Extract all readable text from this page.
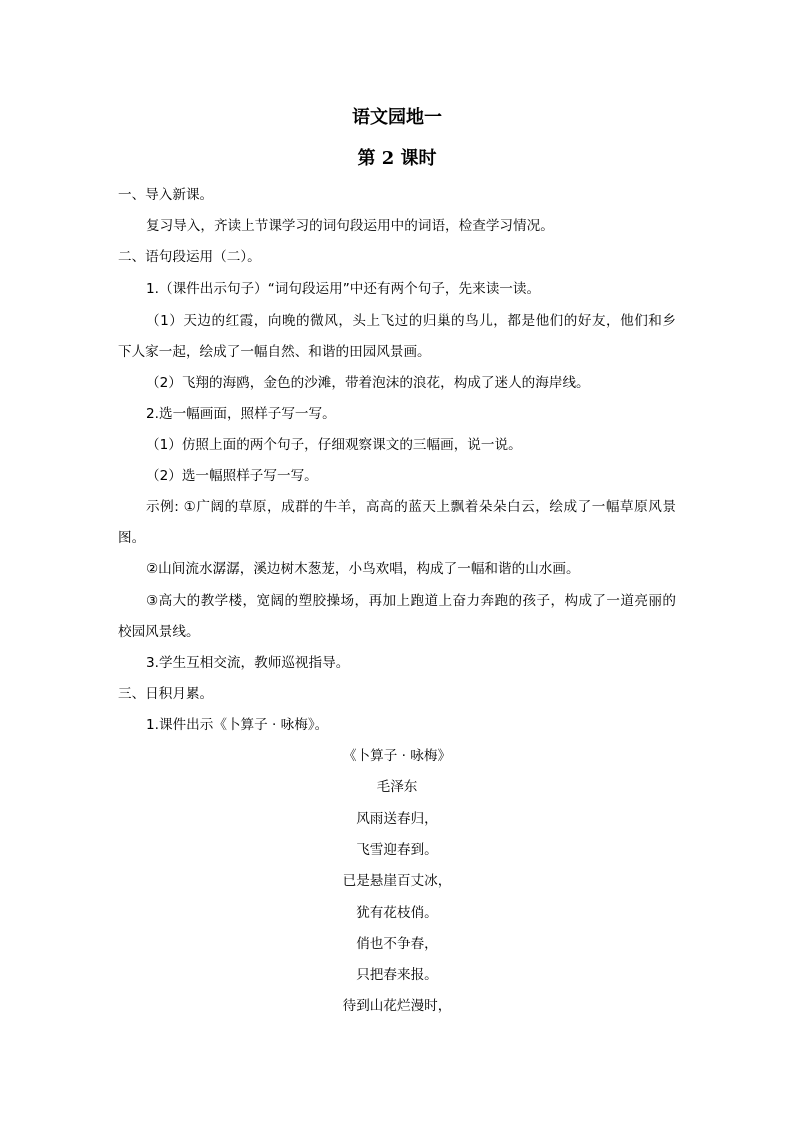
语文园地一
第 2 课时
一、导入新课。
复习导入，齐读上节课学习的词句段运用中的词语，检查学习情况。
二、语句段运用（二）。
1.（课件出示句子）“词句段运用”中还有两个句子，先来读一读。
（1）天边的红霞，向晚的微风，头上飞过的归巢的鸟儿，都是他们的好友，他们和乡
下人家一起，绘成了一幅自然、和谐的田园风景画。
（2）飞翔的海鸥，金色的沙滩，带着泡沫的浪花，构成了迷人的海岸线。
2.选一幅画面，照样子写一写。
（1）仿照上面的两个句子，仔细观察课文的三幅画，说一说。
（2）选一幅照样子写一写。
示例: ①广阔的草原，成群的牛羊，高高的蓝天上飘着朵朵白云，绘成了一幅草原风景
图。
②山间流水潺潺，溪边树木葱茏，小鸟欢唱，构成了一幅和谐的山水画。
③高大的教学楼，宽阔的塑胶操场，再加上跑道上奋力奔跑的孩子，构成了一道亮丽的
校园风景线。
3.学生互相交流，教师巡视指导。
三、日积月累。
1.课件出示《卜算子 · 咏梅》。
《卜算子 · 咏梅》
毛泽东
风雨送春归，
飞雪迎春到。
已是悬崖百丈冰，
犹有花枝俏。
俏也不争春，
只把春来报。
待到山花烂漫时，
